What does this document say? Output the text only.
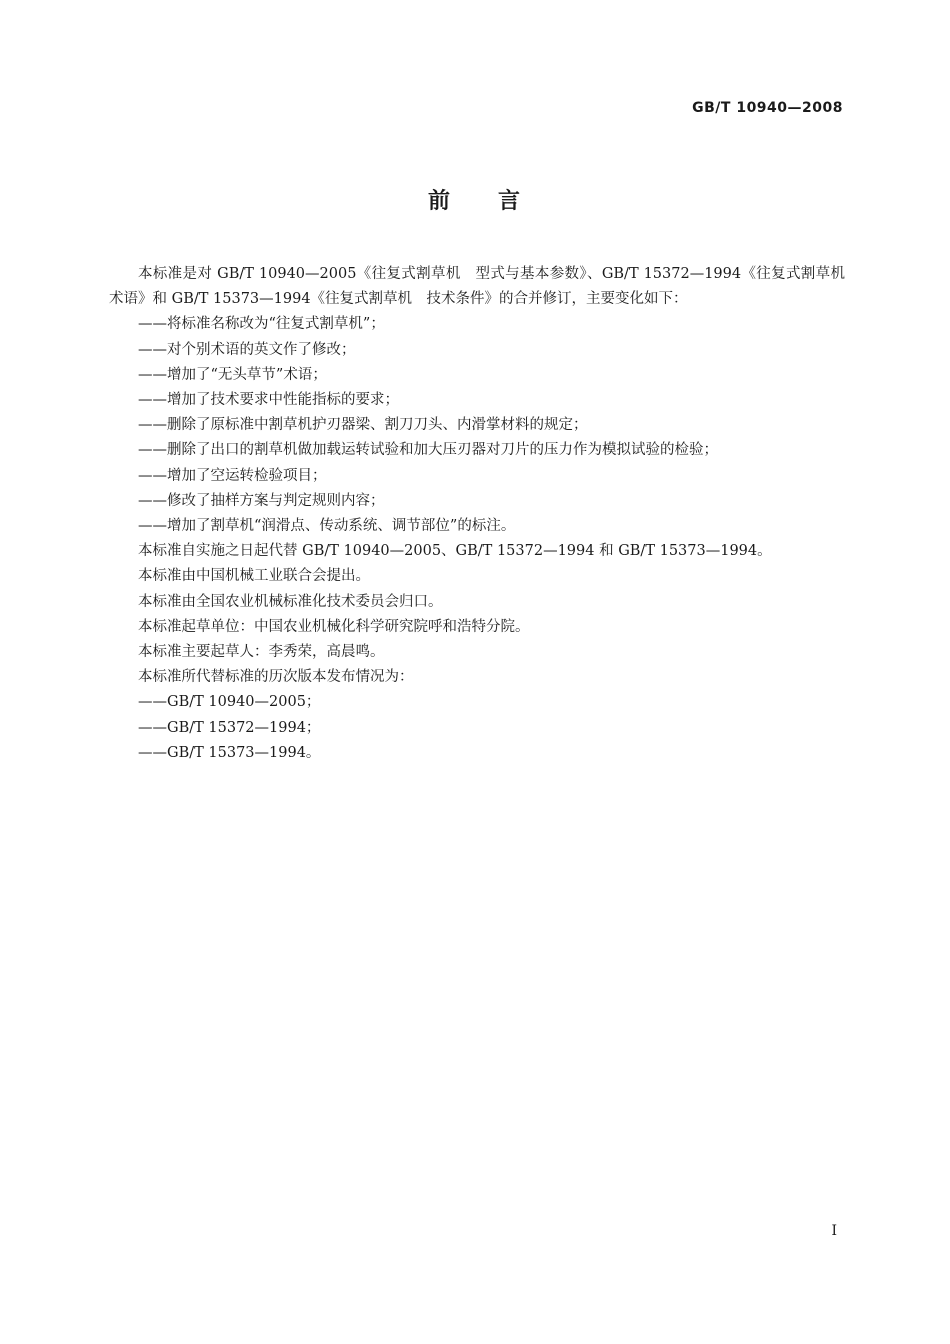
GB/T 10940—2008
前 言

本标准是对 GB/T 10940—2005《往复式割草机　型式与基本参数》、GB/T 15372—1994《往复式割草机　术语》和 GB/T 15373—1994《往复式割草机　技术条件》的合并修订，主要变化如下：

——将标准名称改为“往复式割草机”；

——对个别术语的英文作了修改；

——增加了“无头草节”术语；

——增加了技术要求中性能指标的要求；

——删除了原标准中割草机护刃器梁、割刀刀头、内滑掌材料的规定；

——删除了出口的割草机做加载运转试验和加大压刃器对刀片的压力作为模拟试验的检验；

——增加了空运转检验项目；

——修改了抽样方案与判定规则内容；

——增加了割草机“润滑点、传动系统、调节部位”的标注。

本标准自实施之日起代替 GB/T 10940—2005、GB/T 15372—1994 和 GB/T 15373—1994。

本标准由中国机械工业联合会提出。

本标准由全国农业机械标准化技术委员会归口。

本标准起草单位：中国农业机械化科学研究院呼和浩特分院。

本标准主要起草人：李秀荣，高晨鸣。

本标准所代替标准的历次版本发布情况为：

——GB/T 10940—2005；

——GB/T 15372—1994；

——GB/T 15373—1994。

I
